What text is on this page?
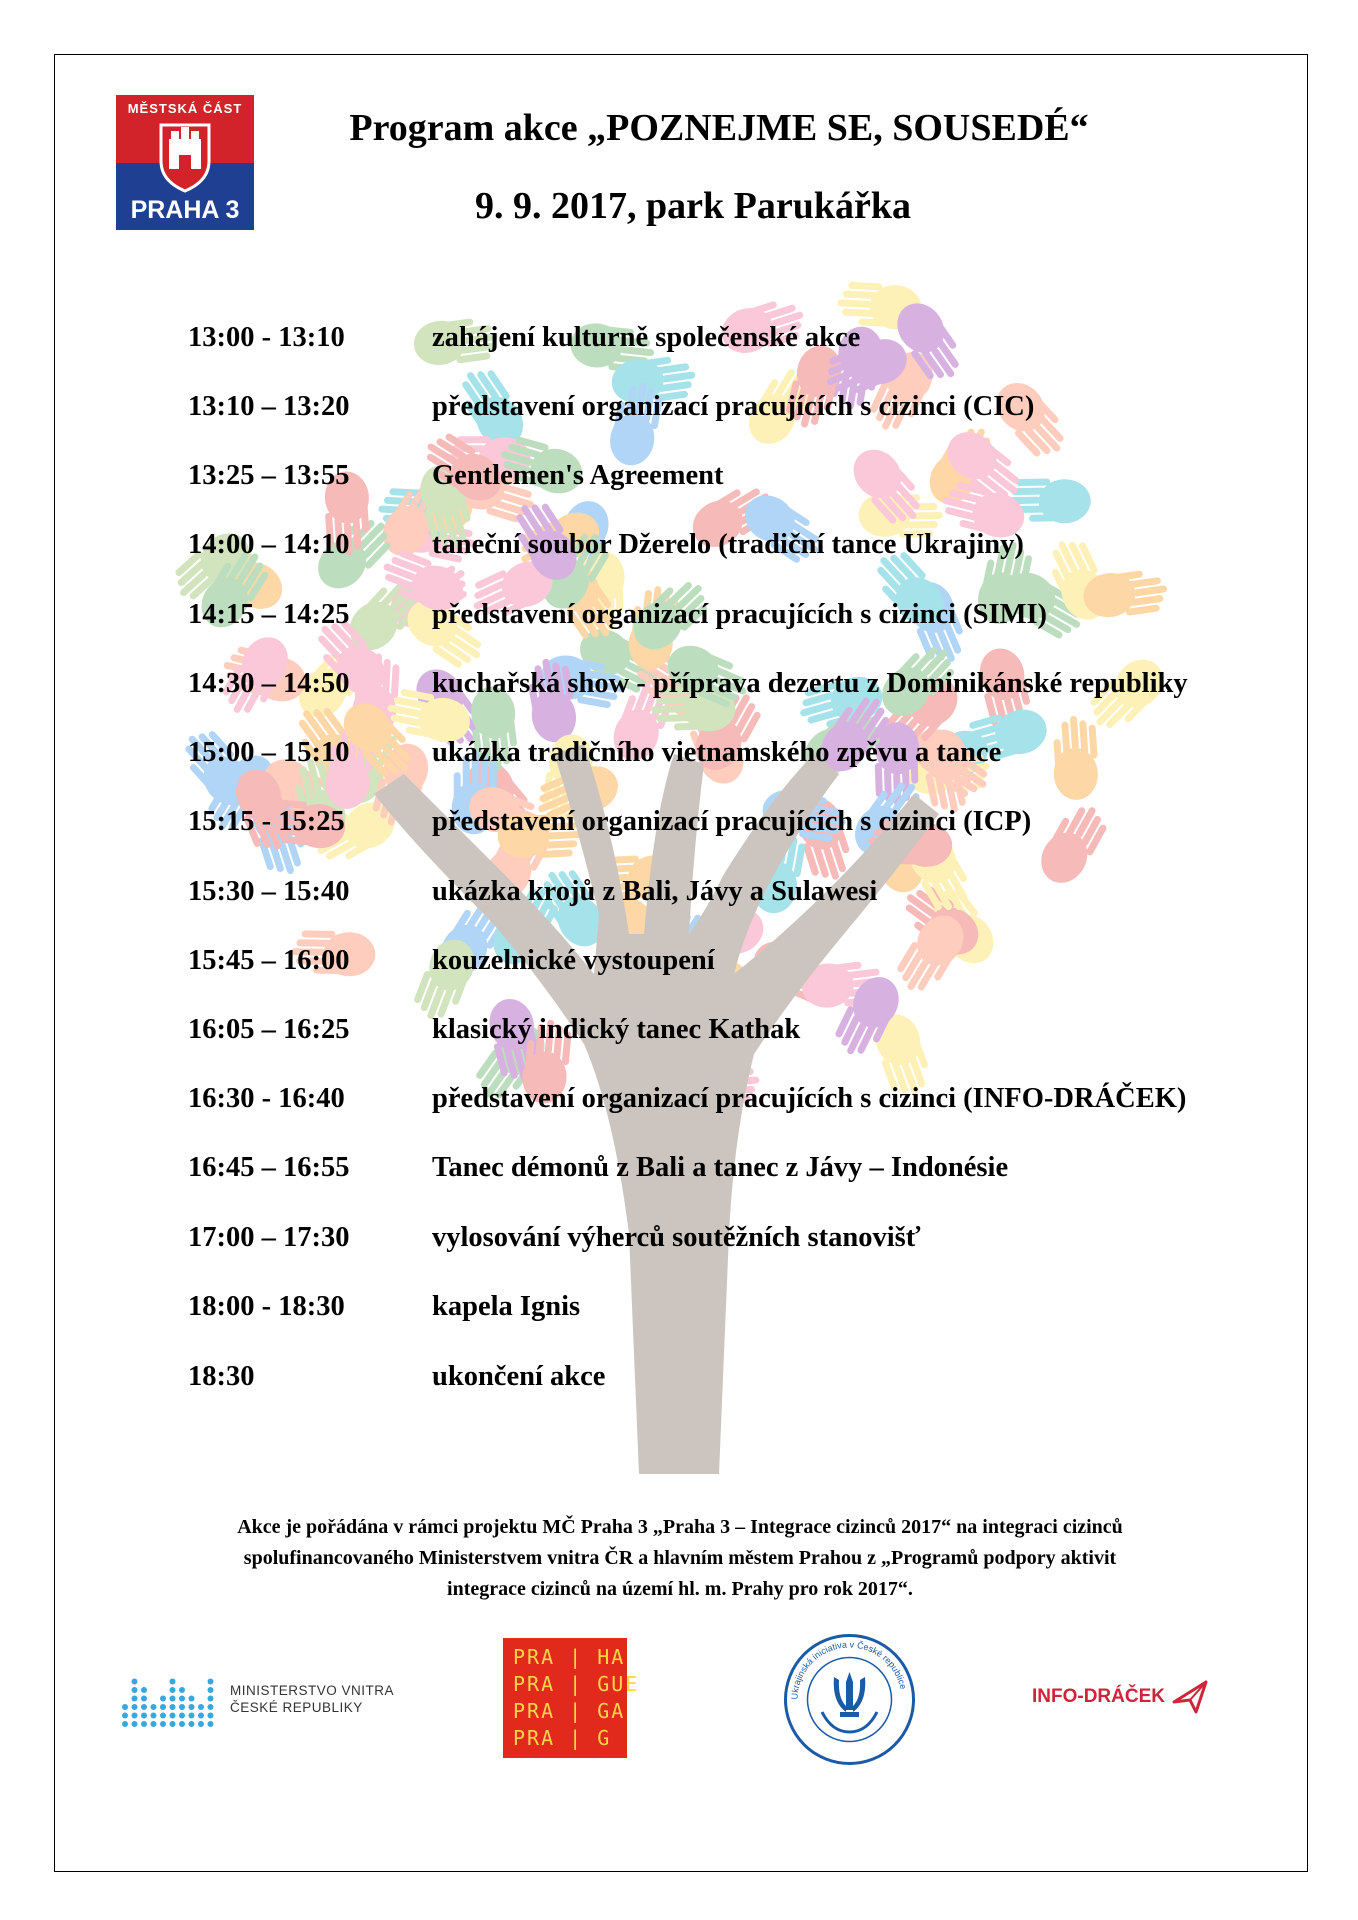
MĚSTSKÁ ČÁST
PRAHA 3
Program akce „POZNEJME SE, SOUSEDÉ“
9. 9. 2017, park Parukářka
13:00 - 13:10	zahájení kulturně společenské akce
13:10 – 13:20	představení organizací pracujících s cizinci (CIC)
13:25 – 13:55	Gentlemen's Agreement
14:00 – 14:10	taneční soubor Džerelo (tradiční tance Ukrajiny)
14:15 – 14:25	představení organizací pracujících s cizinci (SIMI)
14:30 – 14:50	kuchařská show - příprava dezertu z Dominikánské republiky
15:00 – 15:10	ukázka tradičního vietnamského zpěvu a tance
15:15 - 15:25	představení organizací pracujících s cizinci (ICP)
15:30 – 15:40	ukázka krojů z Bali, Jávy a Sulawesi
15:45 – 16:00	kouzelnické vystoupení
16:05 – 16:25	klasický indický tanec Kathak
16:30 - 16:40	představení organizací pracujících s cizinci (INFO-DRÁČEK)
16:45 – 16:55	Tanec démonů z Bali a tanec z Jávy – Indonésie
17:00 – 17:30	vylosování výherců soutěžních stanovišť
18:00 - 18:30	kapela Ignis
18:30	ukončení akce
Akce je pořádána v rámci projektu MČ Praha 3 „Praha 3 – Integrace cizinců 2017“ na integraci cizinců
spolufinancovaného Ministerstvem vnitra ČR a hlavním městem Prahou z „Programů podpory aktivit
integrace cizinců na území hl. m. Prahy pro rok 2017“.
MINISTERSTVO VNITRA
ČESKÉ REPUBLIKY
PRA | HA
PRA | GUE
PRA | GA
PRA | G
Ukrajinská iniciativa v České republice	INFO-DRÁČEK
